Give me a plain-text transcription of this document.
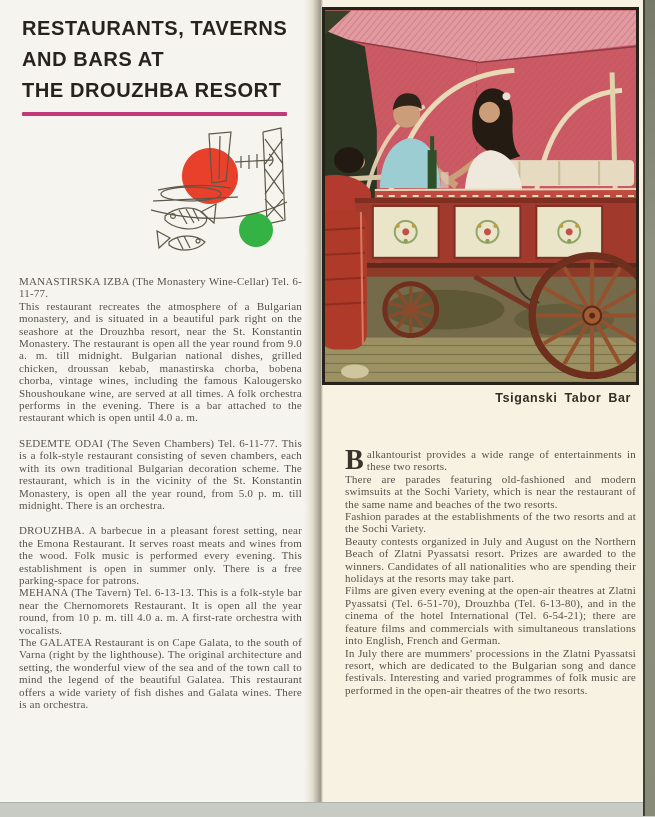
RESTAURANTS, TAVERNS
AND BARS AT
THE DROUZHBA RESORT

MANASTIRSKA IZBA (The Monastery Wine-Cellar) Tel. 6-11-77.

This restaurant recreates the atmosphere of a Bulgarian monastery, and is situated in a beautiful park right on the seashore at the Drouzhba resort, near the St. Konstantin Monastery. The restaurant is open all the year round from 9.0 a. m. till midnight. Bulgarian national dishes, grilled chicken, droussan kebab, manastirska chorba, bobena chorba, vintage wines, including the famous Kalougersko Shoushoukane wine, are served at all times. A folk orchestra performs in the evening. There is a bar attached to the restaurant which is open until 4.0 a. m.

SEDEMTE ODAI (The Seven Chambers) Tel. 6-11-77. This is a folk-style restaurant consisting of seven chambers, each with its own traditional Bulgarian decoration scheme. The restaurant, which is in the vicinity of the St. Konstantin Monastery, is open all the year round, from 5.0 p. m. till midnight. There is an orchestra.

DROUZHBA. A barbecue in a pleasant forest setting, near the Emona Restaurant. It serves roast meats and wines from the wood. Folk music is performed every evening. This establishment is open in summer only. There is a free parking-space for patrons.

MEHANA (The Tavern) Tel. 6-13-13. This is a folk-style bar near the Chernomorets Restaurant. It is open all the year round, from 10 p. m. till 4.0 a. m. A first-rate orchestra with vocalists.

The GALATEA Restaurant is on Cape Galata, to the south of Varna (right by the lighthouse). The original architecture and setting, the wonderful view of the sea and of the town call to mind the legend of the beautiful Galatea. This restaurant offers a wide variety of fish dishes and Galata wines. There is an orchestra.

Tsiganski Tabor Bar

Balkantourist provides a wide range of entertainments in these two resorts.

There are parades featuring old-fashioned and modern swimsuits at the Sochi Variety, which is near the restaurant of the same name and beaches of the two resorts.

Fashion parades at the establishments of the two resorts and at the Sochi Variety.

Beauty contests organized in July and August on the Northern Beach of Zlatni Pyassatsi resort. Prizes are awarded to the winners. Candidates of all nationalities who are spending their holidays at the resorts may take part.

Films are given every evening at the open-air theatres at Zlatni Pyassatsi (Tel. 6-51-70), Drouzhba (Tel. 6-13-80), and in the cinema of the hotel International (Tel. 6-54-21); there are feature films and commercials with simultaneous translations into English, French and German.

In July there are mummers' processions in the Zlatni Pyassatsi resort, which are dedicated to the Bulgarian song and dance festivals. Interesting and varied programmes of folk music are performed in the open-air theatres of the two resorts.
